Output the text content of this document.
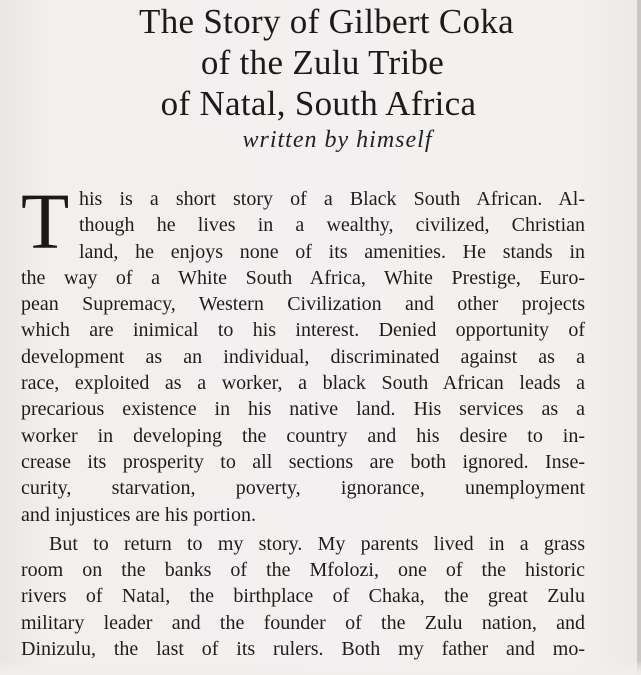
The Story of Gilbert Coka
of the Zulu Tribe
of Natal, South Africa
written by himself
T his is a short story of a Black South African. Al-
though he lives in a wealthy, civilized, Christian
land, he enjoys none of its amenities. He stands in
the way of a White South Africa, White Prestige, Euro-
pean Supremacy, Western Civilization and other projects
which are inimical to his interest. Denied opportunity of
development as an individual, discriminated against as a
race, exploited as a worker, a black South African leads a
precarious existence in his native land. His services as a
worker in developing the country and his desire to in-
crease its prosperity to all sections are both ignored. Inse-
curity, starvation, poverty, ignorance, unemployment
and injustices are his portion.
But to return to my story. My parents lived in a grass
room on the banks of the Mfolozi, one of the historic
rivers of Natal, the birthplace of Chaka, the great Zulu
military leader and the founder of the Zulu nation, and
Dinizulu, the last of its rulers. Both my father and mo-
